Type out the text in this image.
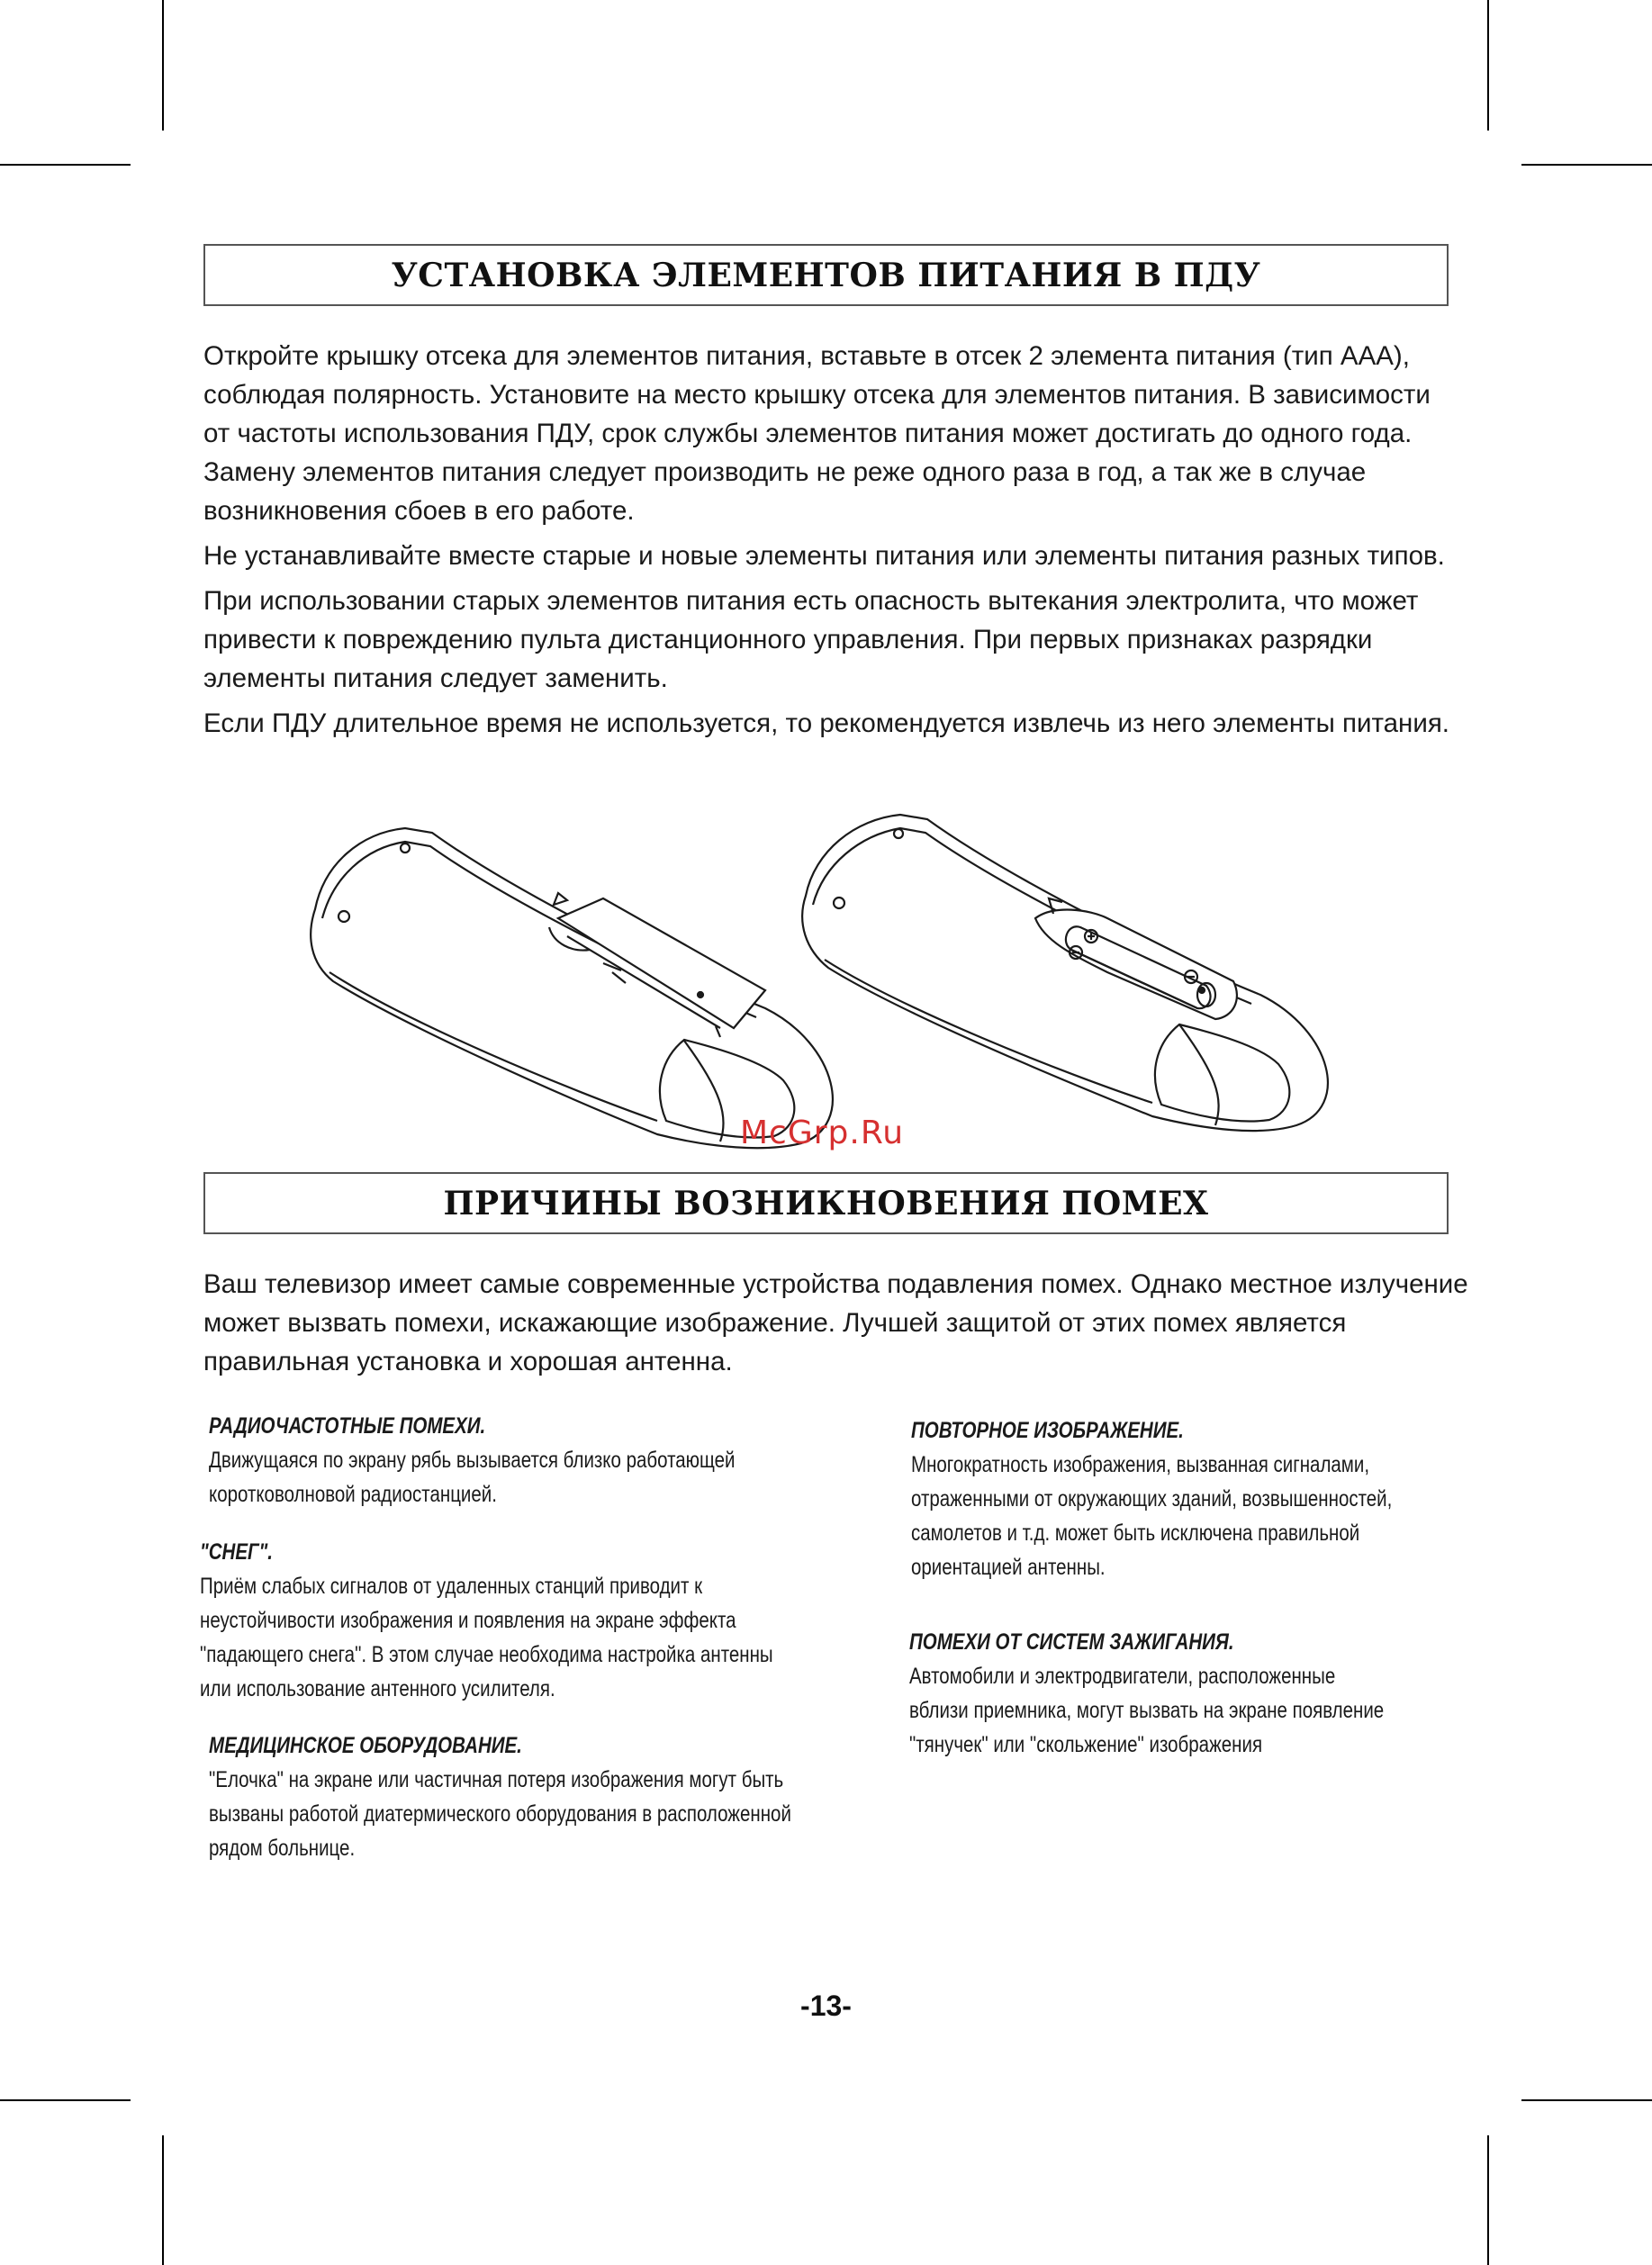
УСТАНОВКА ЭЛЕМЕНТОВ ПИТАНИЯ В ПДУ

Откройте крышку отсека для элементов питания, вставьте в отсек 2 элемента питания (тип ААА), соблюдая полярность. Установите на место крышку отсека для элементов питания. В зависимости от частоты использования ПДУ, срок службы элементов питания может достигать до одного года. Замену элементов питания следует производить не реже одного раза в год, а так же в случае возникновения сбоев в его работе.

Не устанавливайте вместе старые и новые элементы питания или элементы питания разных типов.

При использовании старых элементов питания есть опасность вытекания электролита, что может привести к повреждению пульта дистанционного управления. При первых признаках разрядки элементы питания следует заменить.

Если ПДУ длительное время не используется, то рекомендуется извлечь из него элементы питания.

McGrp.Ru
ПРИЧИНЫ ВОЗНИКНОВЕНИЯ ПОМЕХ

Ваш телевизор имеет самые современные устройства подавления помех. Однако местное излучение может вызвать помехи, искажающие изображение. Лучшей защитой от этих помех является правильная установка и хорошая антенна.

РАДИОЧАСТОТНЫЕ ПОМЕХИ.
Движущаяся по экрану рябь вызывается близко работающей
коротковолновой радиостанцией.
"СНЕГ".
Приём слабых сигналов от удаленных станций приводит к
неустойчивости изображения и появления на экране эффекта
"падающего снега". В этом случае необходима настройка антенны
или использование антенного усилителя.
МЕДИЦИНСКОЕ ОБОРУДОВАНИЕ.
"Елочка" на экране или частичная потеря изображения могут быть
вызваны работой диатермического оборудования в расположенной
рядом больнице.
ПОВТОРНОЕ ИЗОБРАЖЕНИЕ.
Многократность изображения, вызванная сигналами,
отраженными от окружающих зданий, возвышенностей,
самолетов и т.д. может быть исключена правильной
ориентацией антенны.
ПОМЕХИ ОТ СИСТЕМ ЗАЖИГАНИЯ.
Автомобили и электродвигатели, расположенные
вблизи приемника, могут вызвать на экране появление
"тянучек" или "скольжение" изображения
-13-
